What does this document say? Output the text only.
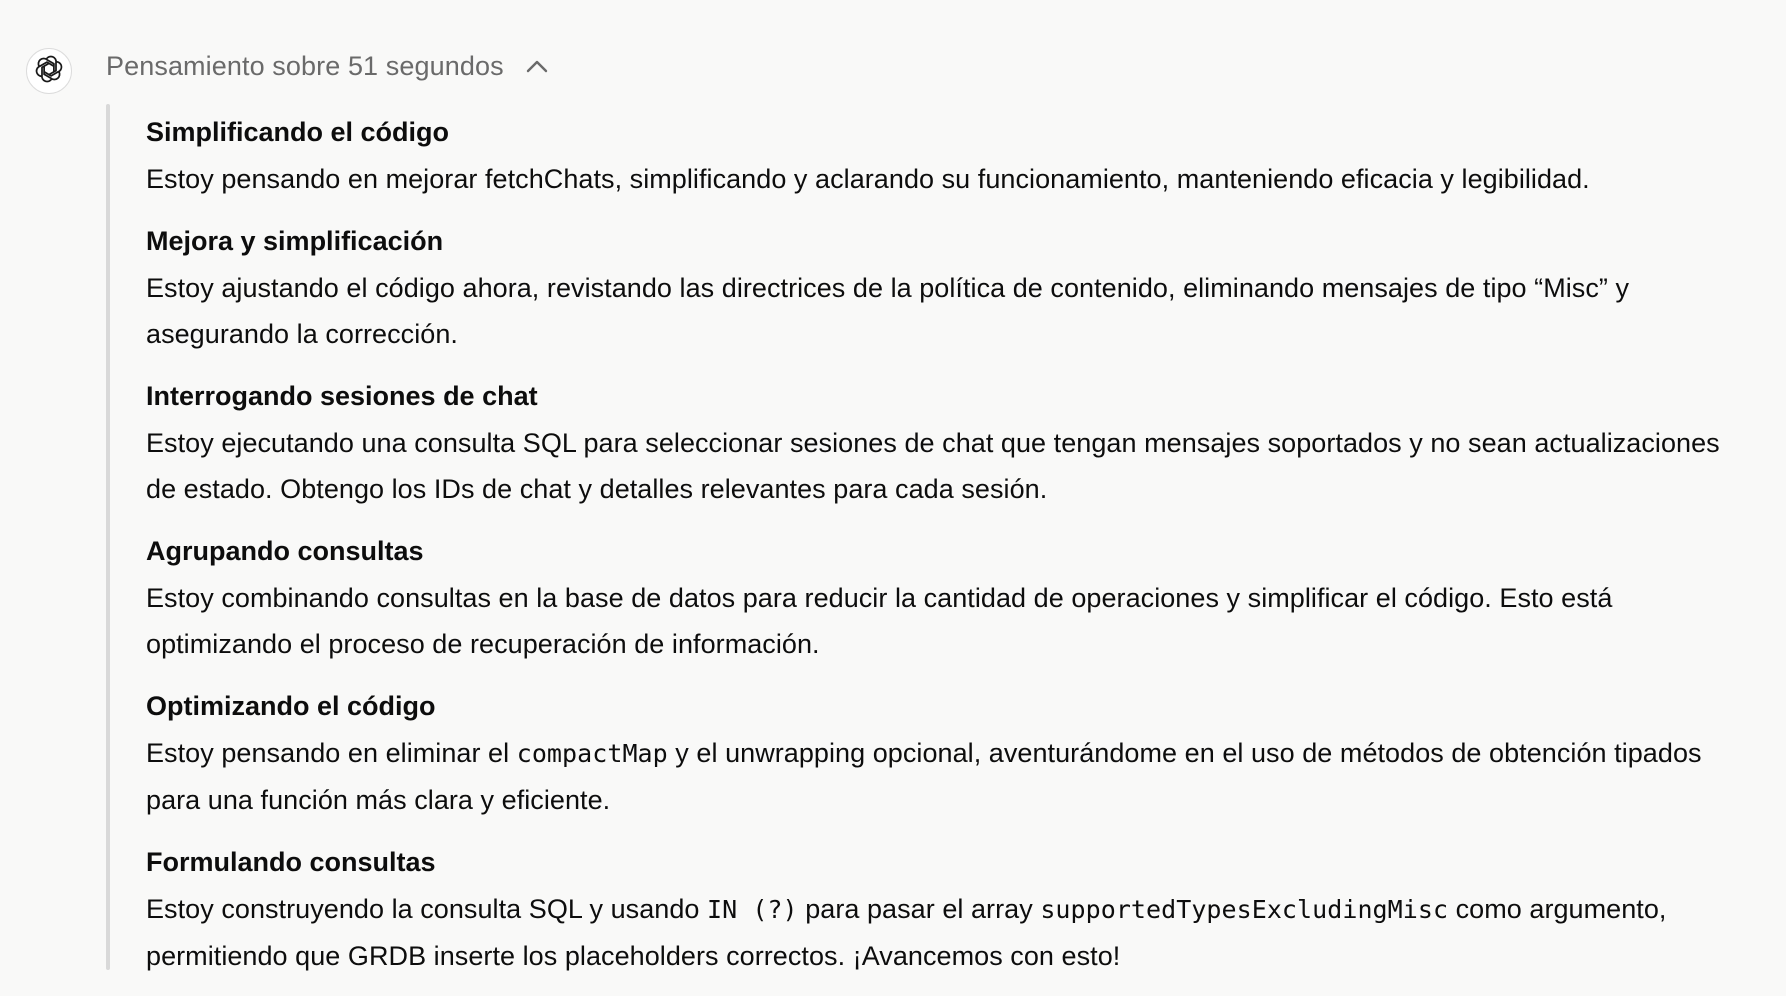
Pensamiento sobre 51 segundos
Simplificando el código

Estoy pensando en mejorar fetchChats, simplificando y aclarando su funcionamiento, manteniendo eficacia y legibilidad.

Mejora y simplificación

Estoy ajustando el código ahora, revistando las directrices de la política de contenido, eliminando mensajes de tipo “Misc” y asegurando la corrección.

Interrogando sesiones de chat

Estoy ejecutando una consulta SQL para seleccionar sesiones de chat que tengan mensajes soportados y no sean actualizaciones de estado. Obtengo los IDs de chat y detalles relevantes para cada sesión.

Agrupando consultas

Estoy combinando consultas en la base de datos para reducir la cantidad de operaciones y simplificar el código. Esto está optimizando el proceso de recuperación de información.

Optimizando el código

Estoy pensando en eliminar el compactMap y el unwrapping opcional, aventurándome en el uso de métodos de obtención tipados para una función más clara y eficiente.

Formulando consultas

Estoy construyendo la consulta SQL y usando IN (?) para pasar el array supportedTypesExcludingMisc como argumento, permitiendo que GRDB inserte los placeholders correctos. ¡Avancemos con esto!
